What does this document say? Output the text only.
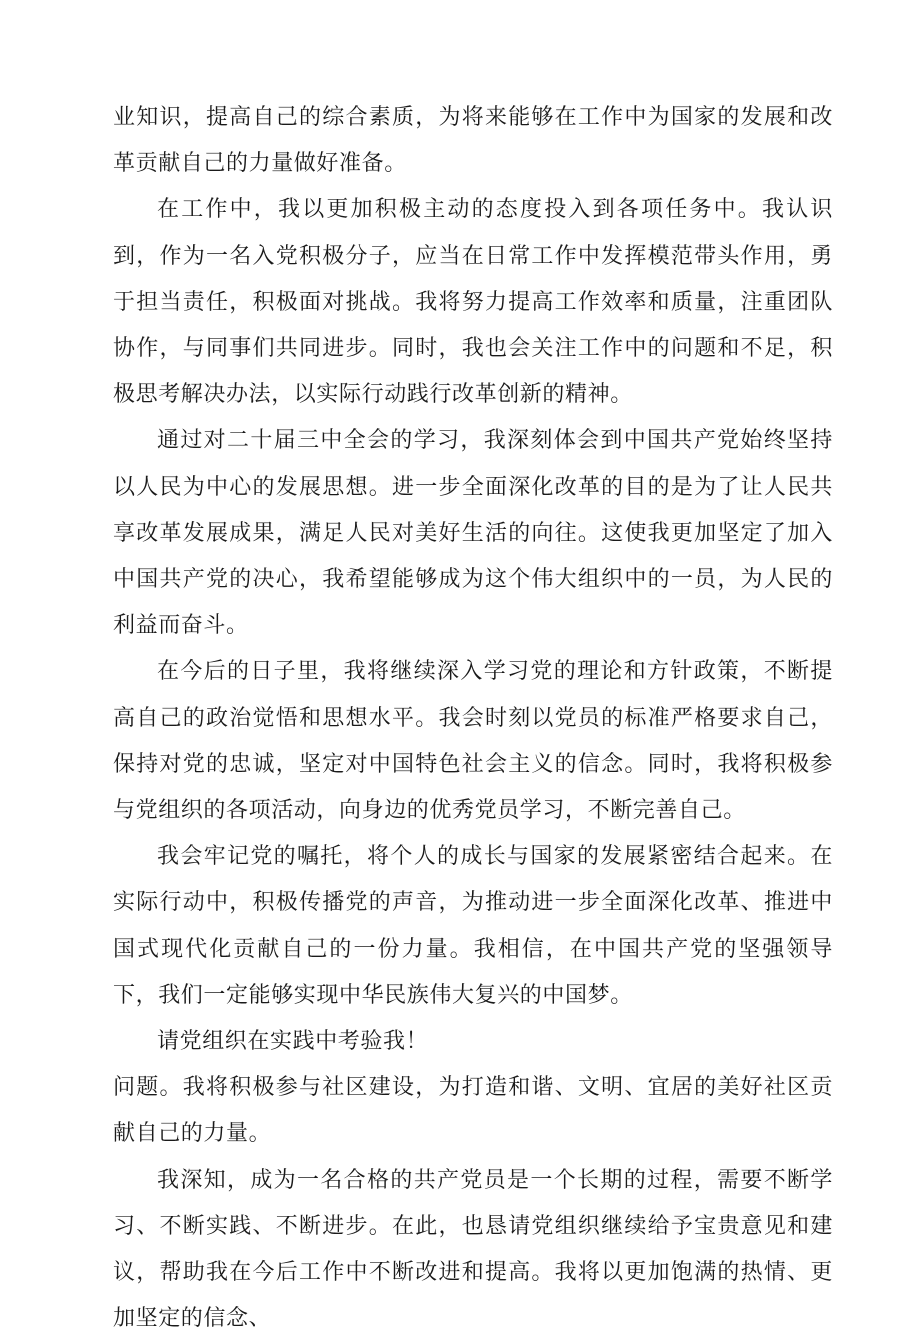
业知识，提高自己的综合素质，为将来能够在工作中为国家的发展和改革贡献自己的力量做好准备。

在工作中，我以更加积极主动的态度投入到各项任务中。我认识到，作为一名入党积极分子，应当在日常工作中发挥模范带头作用，勇于担当责任，积极面对挑战。我将努力提高工作效率和质量，注重团队协作，与同事们共同进步。同时，我也会关注工作中的问题和不足，积极思考解决办法，以实际行动践行改革创新的精神。

通过对二十届三中全会的学习，我深刻体会到中国共产党始终坚持以人民为中心的发展思想。进一步全面深化改革的目的是为了让人民共享改革发展成果，满足人民对美好生活的向往。这使我更加坚定了加入中国共产党的决心，我希望能够成为这个伟大组织中的一员，为人民的利益而奋斗。

在今后的日子里，我将继续深入学习党的理论和方针政策，不断提高自己的政治觉悟和思想水平。我会时刻以党员的标准严格要求自己，保持对党的忠诚，坚定对中国特色社会主义的信念。同时，我将积极参与党组织的各项活动，向身边的优秀党员学习，不断完善自己。

我会牢记党的嘱托，将个人的成长与国家的发展紧密结合起来。在实际行动中，积极传播党的声音，为推动进一步全面深化改革、推进中国式现代化贡献自己的一份力量。我相信，在中国共产党的坚强领导下，我们一定能够实现中华民族伟大复兴的中国梦。

请党组织在实践中考验我！

问题。我将积极参与社区建设，为打造和谐、文明、宜居的美好社区贡献自己的力量。

我深知，成为一名合格的共产党员是一个长期的过程，需要不断学习、不断实践、不断进步。在此，也恳请党组织继续给予宝贵意见和建议，帮助我在今后工作中不断改进和提高。我将以更加饱满的热情、更加坚定的信念、
